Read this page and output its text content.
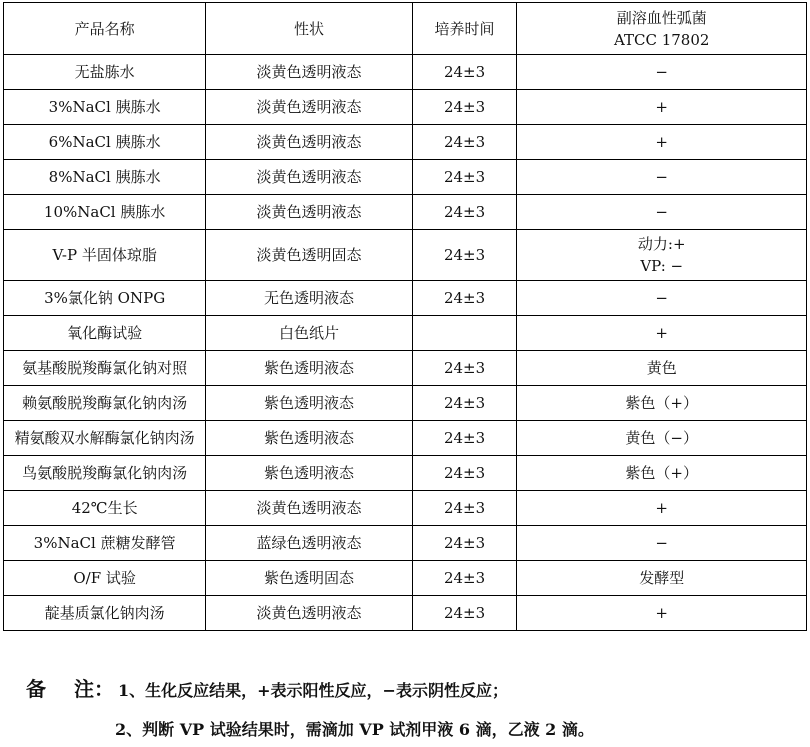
产品名称	性状	培养时间	副溶血性弧菌
ATCC 17802

无盐胨水	淡黄色透明液态	24±3	−
3%NaCl 胰胨水	淡黄色透明液态	24±3	+
6%NaCl 胰胨水	淡黄色透明液态	24±3	+
8%NaCl 胰胨水	淡黄色透明液态	24±3	−
10%NaCl 胰胨水	淡黄色透明液态	24±3	−
V-P 半固体琼脂	淡黄色透明固态	24±3	动力:+
VP: −

3%氯化钠 ONPG	无色透明液态	24±3	−
氧化酶试验	白色纸片		+
氨基酸脱羧酶氯化钠对照	紫色透明液态	24±3	黄色
赖氨酸脱羧酶氯化钠肉汤	紫色透明液态	24±3	紫色（+）
精氨酸双水解酶氯化钠肉汤	紫色透明液态	24±3	黄色（−）
鸟氨酸脱羧酶氯化钠肉汤	紫色透明液态	24±3	紫色（+）
42℃生长	淡黄色透明液态	24±3	+
3%NaCl 蔗糖发酵管	蓝绿色透明液态	24±3	−
O/F 试验	紫色透明固态	24±3	发酵型
靛基质氯化钠肉汤	淡黄色透明液态	24±3	+
备 注： 1、生化反应结果，+表示阳性反应，−表示阴性反应；
2、判断 VP 试验结果时，需滴加 VP 试剂甲液 6 滴，乙液 2 滴。
